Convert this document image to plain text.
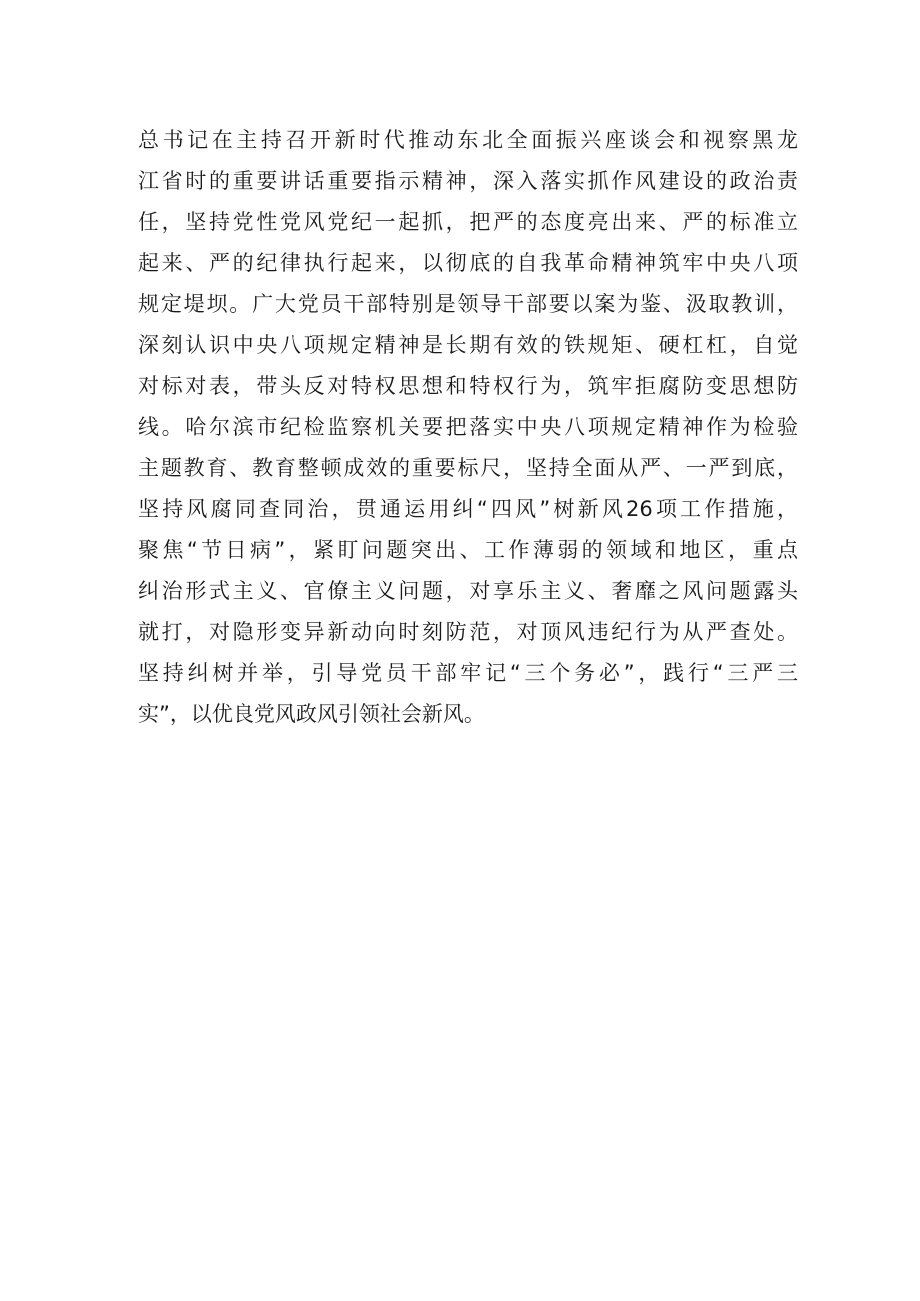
总书记在主持召开新时代推动东北全面振兴座谈会和视察黑龙
江省时的重要讲话重要指示精神，深入落实抓作风建设的政治责
任，坚持党性党风党纪一起抓，把严的态度亮出来、严的标准立
起来、严的纪律执行起来，以彻底的自我革命精神筑牢中央八项
规定堤坝。广大党员干部特别是领导干部要以案为鉴、汲取教训，
深刻认识中央八项规定精神是长期有效的铁规矩、硬杠杠，自觉
对标对表，带头反对特权思想和特权行为，筑牢拒腐防变思想防
线。哈尔滨市纪检监察机关要把落实中央八项规定精神作为检验
主题教育、教育整顿成效的重要标尺，坚持全面从严、一严到底，
坚持风腐同查同治，贯通运用纠“四风”树新风26项工作措施，
聚焦“节日病”，紧盯问题突出、工作薄弱的领域和地区，重点
纠治形式主义、官僚主义问题，对享乐主义、奢靡之风问题露头
就打，对隐形变异新动向时刻防范，对顶风违纪行为从严查处。
坚持纠树并举，引导党员干部牢记“三个务必”，践行“三严三
实”，以优良党风政风引领社会新风。
